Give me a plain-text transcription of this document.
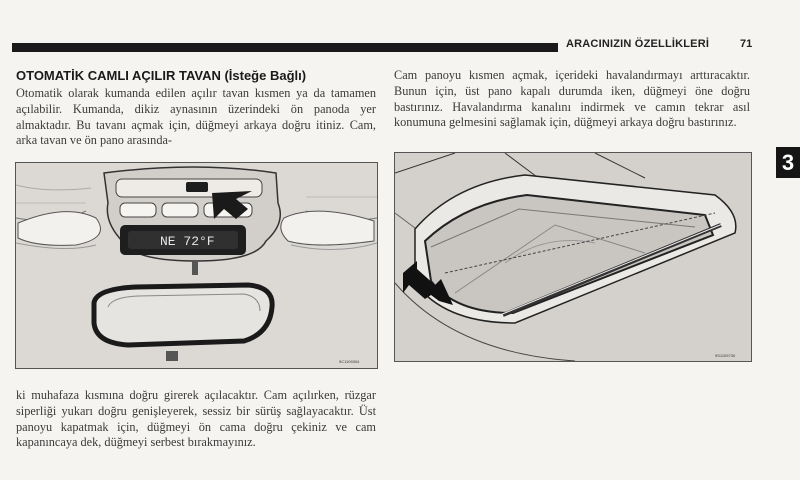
ARACINIZIN ÖZELLİKLERİ	71
OTOMATİK CAMLI AÇILIR TAVAN (İsteğe Bağlı)

Otomatik olarak kumanda edilen açılır tavan kısmen ya da tamamen açılabilir. Kumanda, dikiz aynasının üzerindeki ön panoda yer almaktadır. Bu tavanı açmak için, düğmeyi arkaya doğru itiniz. Cam, arka tavan ve ön pano arasında-

Cam panoyu kısmen açmak, içerideki havalandırmayı arttıracaktır. Bunun için, üst pano kapalı durumda iken, düğmeyi öne doğru bastırınız. Havalandırma kanalını indirmek ve camın tekrar asıl konumuna gelmesini sağlamak için, düğmeyi arkaya doğru bastırınız.

ki muhafaza kısmına doğru girerek açılacaktır. Cam açılırken, rüzgar siperliği yukarı doğru genişleyerek, sessiz bir sürüş sağlayacaktır. Üst panoyu kapatmak için, düğmeyi ön cama doğru çekiniz ve cam kapanıncaya dek, düğmeyi serbest bırakmayınız.

NE 72°F
9C1109304
9S1109730
3
